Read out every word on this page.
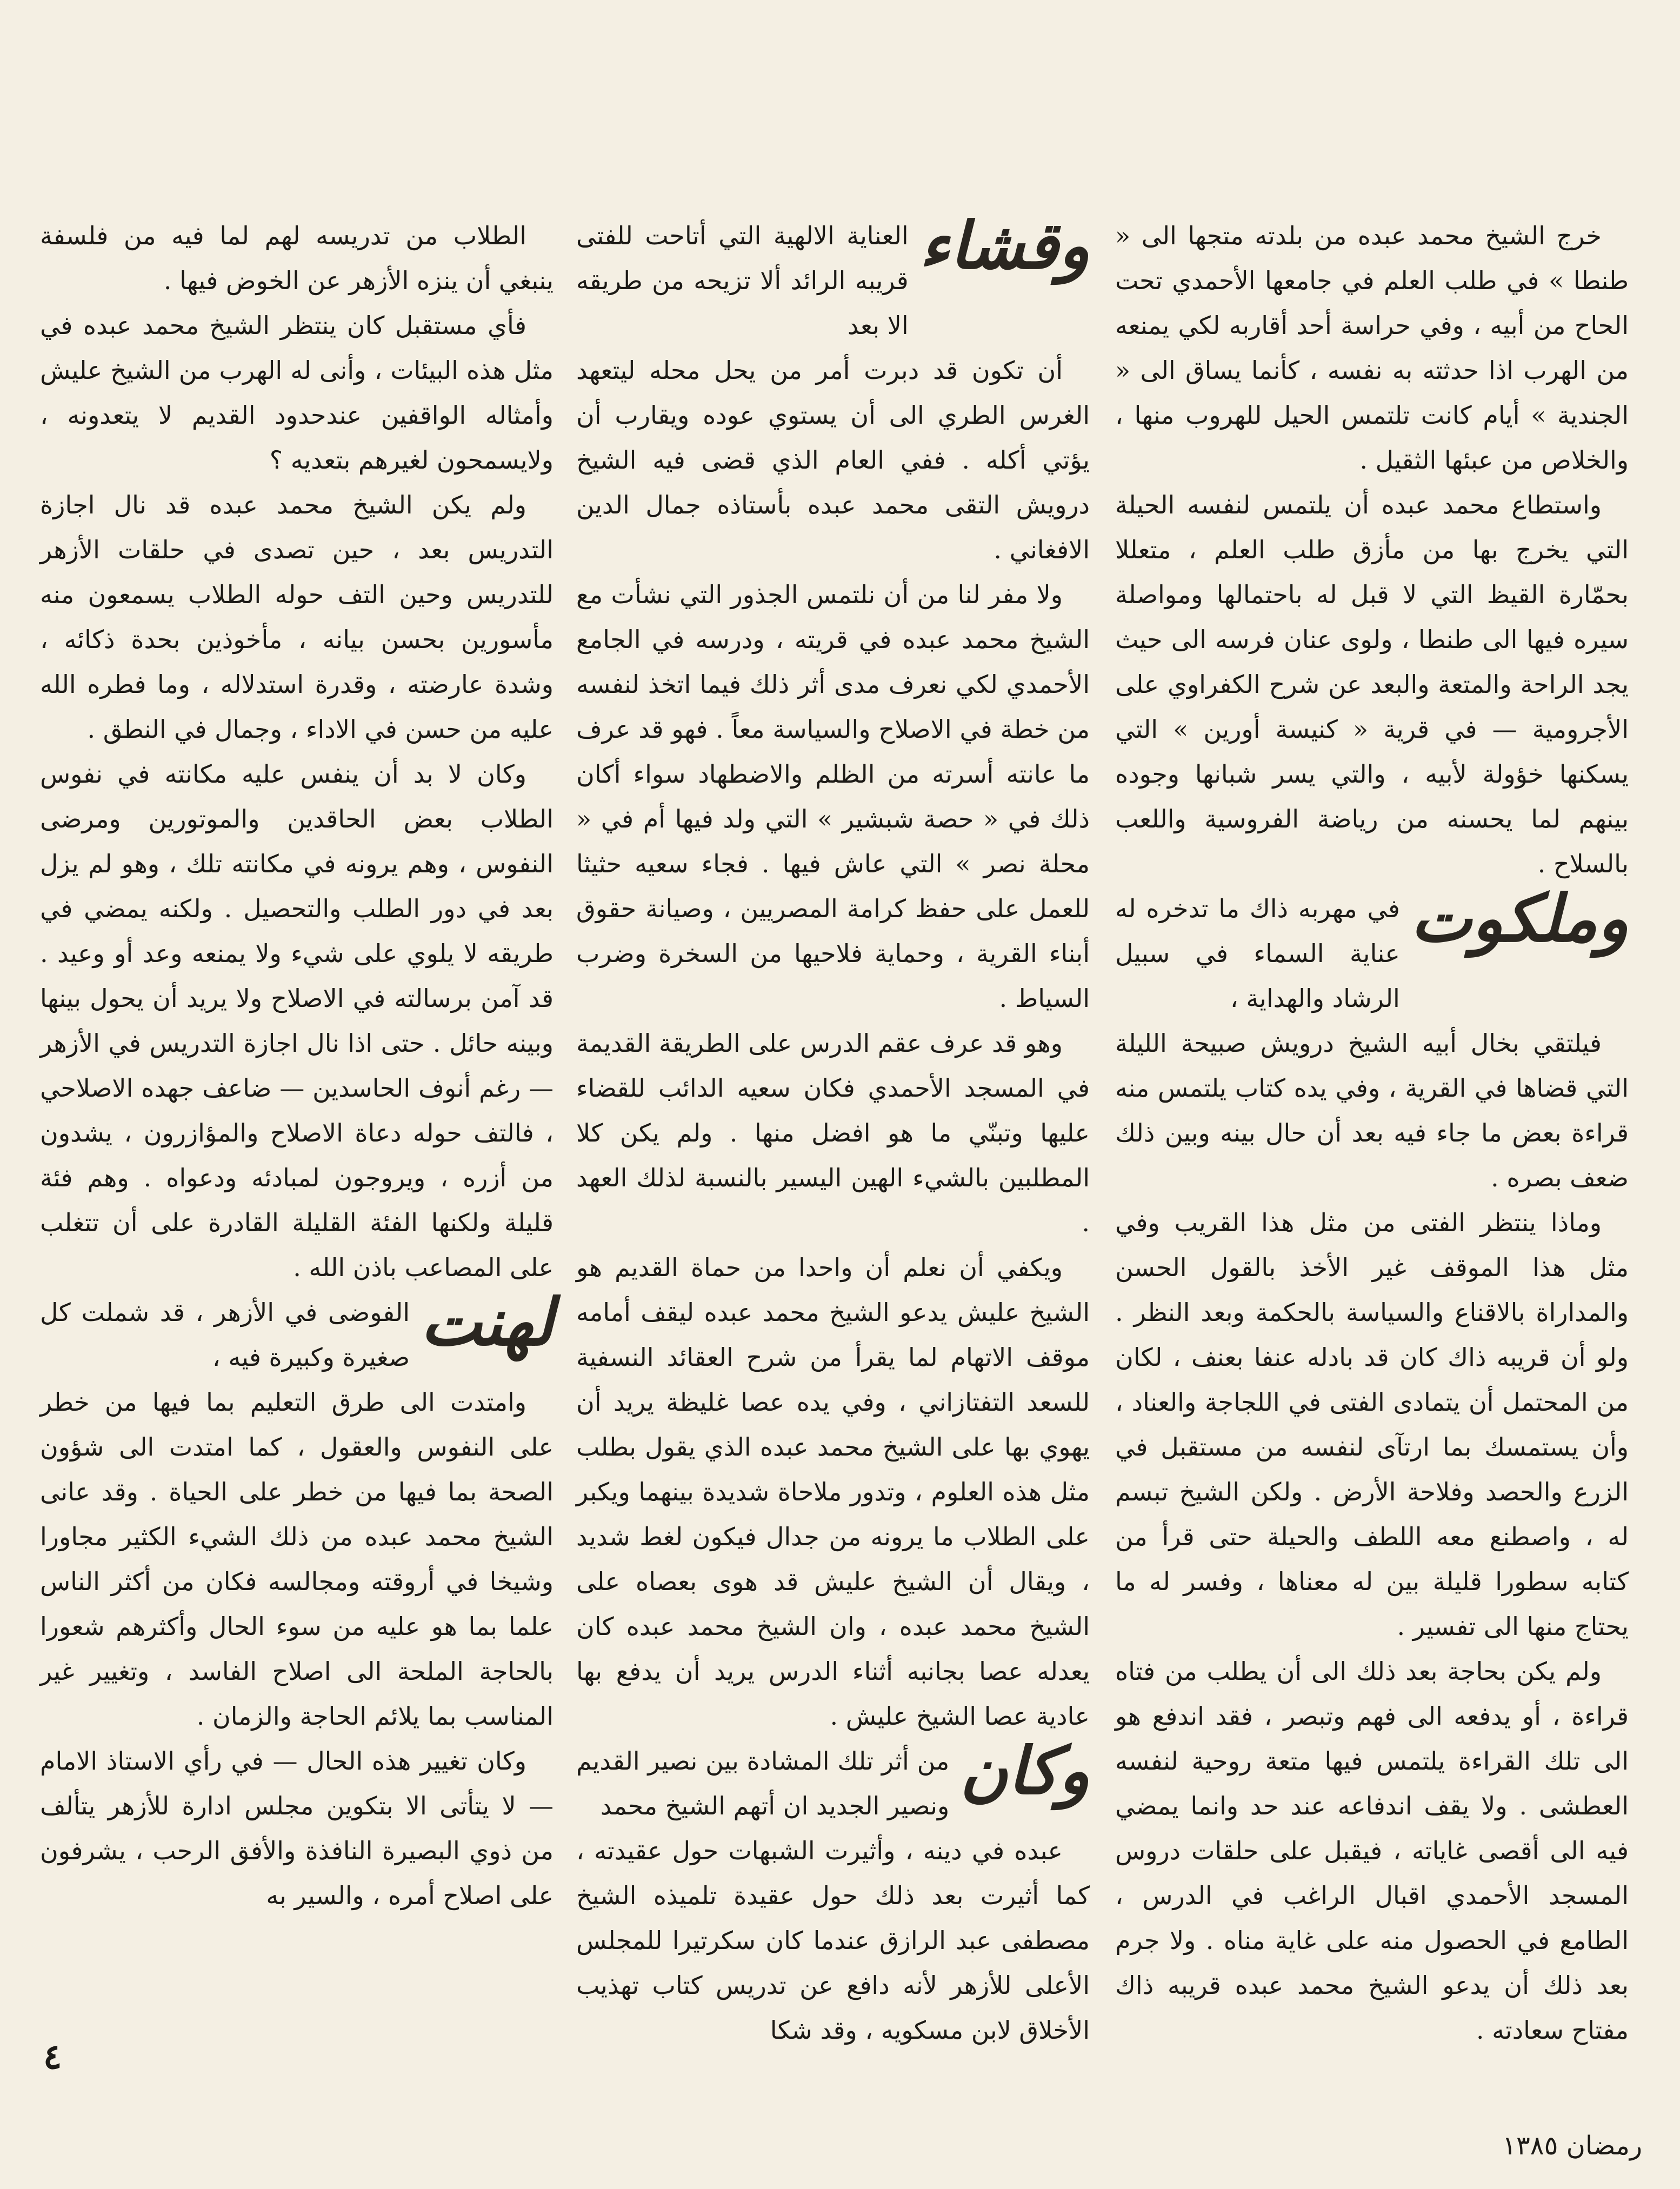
خرج الشيخ محمد عبده من بلدته متجها الى « طنطا » في طلب العلم في جامعها الأحمدي تحت الحاح من أبيه ، وفي حراسة أحد أقاربه لكي يمنعه من الهرب اذا حدثته به نفسه ، كأنما يساق الى « الجندية » أيام كانت تلتمس الحيل للهروب منها ، والخلاص من عبئها الثقيل .

واستطاع محمد عبده أن يلتمس لنفسه الحيلة التي يخرج بها من مأزق طلب العلم ، متعللا بحمّارة القيظ التي لا قبل له باحتمالها ومواصلة سيره فيها الى طنطا ، ولوى عنان فرسه الى حيث يجد الراحة والمتعة والبعد عن شرح الكفراوي على الأجرومية — في قرية « كنيسة أورين » التي يسكنها خؤولة لأبيه ، والتي يسر شبانها وجوده بينهم لما يحسنه من رياضة الفروسية واللعب بالسلاح .

وملكوت

في مهربه ذاك ما تدخره له عناية السماء في سبيل الرشاد والهداية ،

فيلتقي بخال أبيه الشيخ درويش صبيحة الليلة التي قضاها في القرية ، وفي يده كتاب يلتمس منه قراءة بعض ما جاء فيه بعد أن حال بينه وبين ذلك ضعف بصره .

وماذا ينتظر الفتى من مثل هذا القريب وفي مثل هذا الموقف غير الأخذ بالقول الحسن والمداراة بالاقناع والسياسة بالحكمة وبعد النظر . ولو أن قريبه ذاك كان قد بادله عنفا بعنف ، لكان من المحتمل أن يتمادى الفتى في اللجاجة والعناد ، وأن يستمسك بما ارتآى لنفسه من مستقبل في الزرع والحصد وفلاحة الأرض . ولكن الشيخ تبسم له ، واصطنع معه اللطف والحيلة حتى قرأ من كتابه سطورا قليلة بين له معناها ، وفسر له ما يحتاج منها الى تفسير .

ولم يكن بحاجة بعد ذلك الى أن يطلب من فتاه قراءة ، أو يدفعه الى فهم وتبصر ، فقد اندفع هو الى تلك القراءة يلتمس فيها متعة روحية لنفسه العطشى . ولا يقف اندفاعه عند حد وانما يمضي فيه الى أقصى غاياته ، فيقبل على حلقات دروس المسجد الأحمدي اقبال الراغب في الدرس ، الطامع في الحصول منه على غاية مناه . ولا جرم بعد ذلك أن يدعو الشيخ محمد عبده قريبه ذاك مفتاح سعادته .

وقشاء

العناية الالهية التي أتاحت للفتى قريبه الرائد ألا تزيحه من طريقه الا بعد

أن تكون قد دبرت أمر من يحل محله ليتعهد الغرس الطري الى أن يستوي عوده ويقارب أن يؤتي أكله . ففي العام الذي قضى فيه الشيخ درويش التقى محمد عبده بأستاذه جمال الدين الافغاني .

ولا مفر لنا من أن نلتمس الجذور التي نشأت مع الشيخ محمد عبده في قريته ، ودرسه في الجامع الأحمدي لكي نعرف مدى أثر ذلك فيما اتخذ لنفسه من خطة في الاصلاح والسياسة معاً . فهو قد عرف ما عانته أسرته من الظلم والاضطهاد سواء أكان ذلك في « حصة شبشير » التي ولد فيها أم في « محلة نصر » التي عاش فيها . فجاء سعيه حثيثا للعمل على حفظ كرامة المصريين ، وصيانة حقوق أبناء القرية ، وحماية فلاحيها من السخرة وضرب السياط .

وهو قد عرف عقم الدرس على الطريقة القديمة في المسجد الأحمدي فكان سعيه الدائب للقضاء عليها وتبنّي ما هو افضل منها . ولم يكن كلا المطلبين بالشيء الهين اليسير بالنسبة لذلك العهد .

ويكفي أن نعلم أن واحدا من حماة القديم هو الشيخ عليش يدعو الشيخ محمد عبده ليقف أمامه موقف الاتهام لما يقرأ من شرح العقائد النسفية للسعد التفتازاني ، وفي يده عصا غليظة يريد أن يهوي بها على الشيخ محمد عبده الذي يقول بطلب مثل هذه العلوم ، وتدور ملاحاة شديدة بينهما ويكبر على الطلاب ما يرونه من جدال فيكون لغط شديد ، ويقال أن الشيخ عليش قد هوى بعصاه على الشيخ محمد عبده ، وان الشيخ محمد عبده كان يعدله عصا بجانبه أثناء الدرس يريد أن يدفع بها عادية عصا الشيخ عليش .

وكان

من أثر تلك المشادة بين نصير القديم ونصير الجديد ان أتهم الشيخ محمد

عبده في دينه ، وأثيرت الشبهات حول عقيدته ، كما أثيرت بعد ذلك حول عقيدة تلميذه الشيخ مصطفى عبد الرازق عندما كان سكرتيرا للمجلس الأعلى للأزهر لأنه دافع عن تدريس كتاب تهذيب الأخلاق لابن مسكويه ، وقد شكا

الطلاب من تدريسه لهم لما فيه من فلسفة ينبغي أن ينزه الأزهر عن الخوض فيها .

فأي مستقبل كان ينتظر الشيخ محمد عبده في مثل هذه البيئات ، وأنى له الهرب من الشيخ عليش وأمثاله الواقفين عندحدود القديم لا يتعدونه ، ولايسمحون لغيرهم بتعديه ؟

ولم يكن الشيخ محمد عبده قد نال اجازة التدريس بعد ، حين تصدى في حلقات الأزهر للتدريس وحين التف حوله الطلاب يسمعون منه مأسورين بحسن بيانه ، مأخوذين بحدة ذكائه ، وشدة عارضته ، وقدرة استدلاله ، وما فطره الله عليه من حسن في الاداء ، وجمال في النطق .

وكان لا بد أن ينفس عليه مكانته في نفوس الطلاب بعض الحاقدين والموتورين ومرضى النفوس ، وهم يرونه في مكانته تلك ، وهو لم يزل بعد في دور الطلب والتحصيل . ولكنه يمضي في طريقه لا يلوي على شيء ولا يمنعه وعد أو وعيد . قد آمن برسالته في الاصلاح ولا يريد أن يحول بينها وبينه حائل . حتى اذا نال اجازة التدريس في الأزهر — رغم أنوف الحاسدين — ضاعف جهده الاصلاحي ، فالتف حوله دعاة الاصلاح والمؤازرون ، يشدون من أزره ، ويروجون لمبادئه ودعواه . وهم فئة قليلة ولكنها الفئة القليلة القادرة على أن تتغلب على المصاعب باذن الله .

لهنت

الفوضى في الأزهر ، قد شملت كل صغيرة وكبيرة فيه ،

وامتدت الى طرق التعليم بما فيها من خطر على النفوس والعقول ، كما امتدت الى شؤون الصحة بما فيها من خطر على الحياة . وقد عانى الشيخ محمد عبده من ذلك الشيء الكثير مجاورا وشيخا في أروقته ومجالسه فكان من أكثر الناس علما بما هو عليه من سوء الحال وأكثرهم شعورا بالحاجة الملحة الى اصلاح الفاسد ، وتغيير غير المناسب بما يلائم الحاجة والزمان .

وكان تغيير هذه الحال — في رأي الاستاذ الامام — لا يتأتى الا بتكوين مجلس ادارة للأزهر يتألف من ذوي البصيرة النافذة والأفق الرحب ، يشرفون على اصلاح أمره ، والسير به

٤
رمضان ١٣٨٥
